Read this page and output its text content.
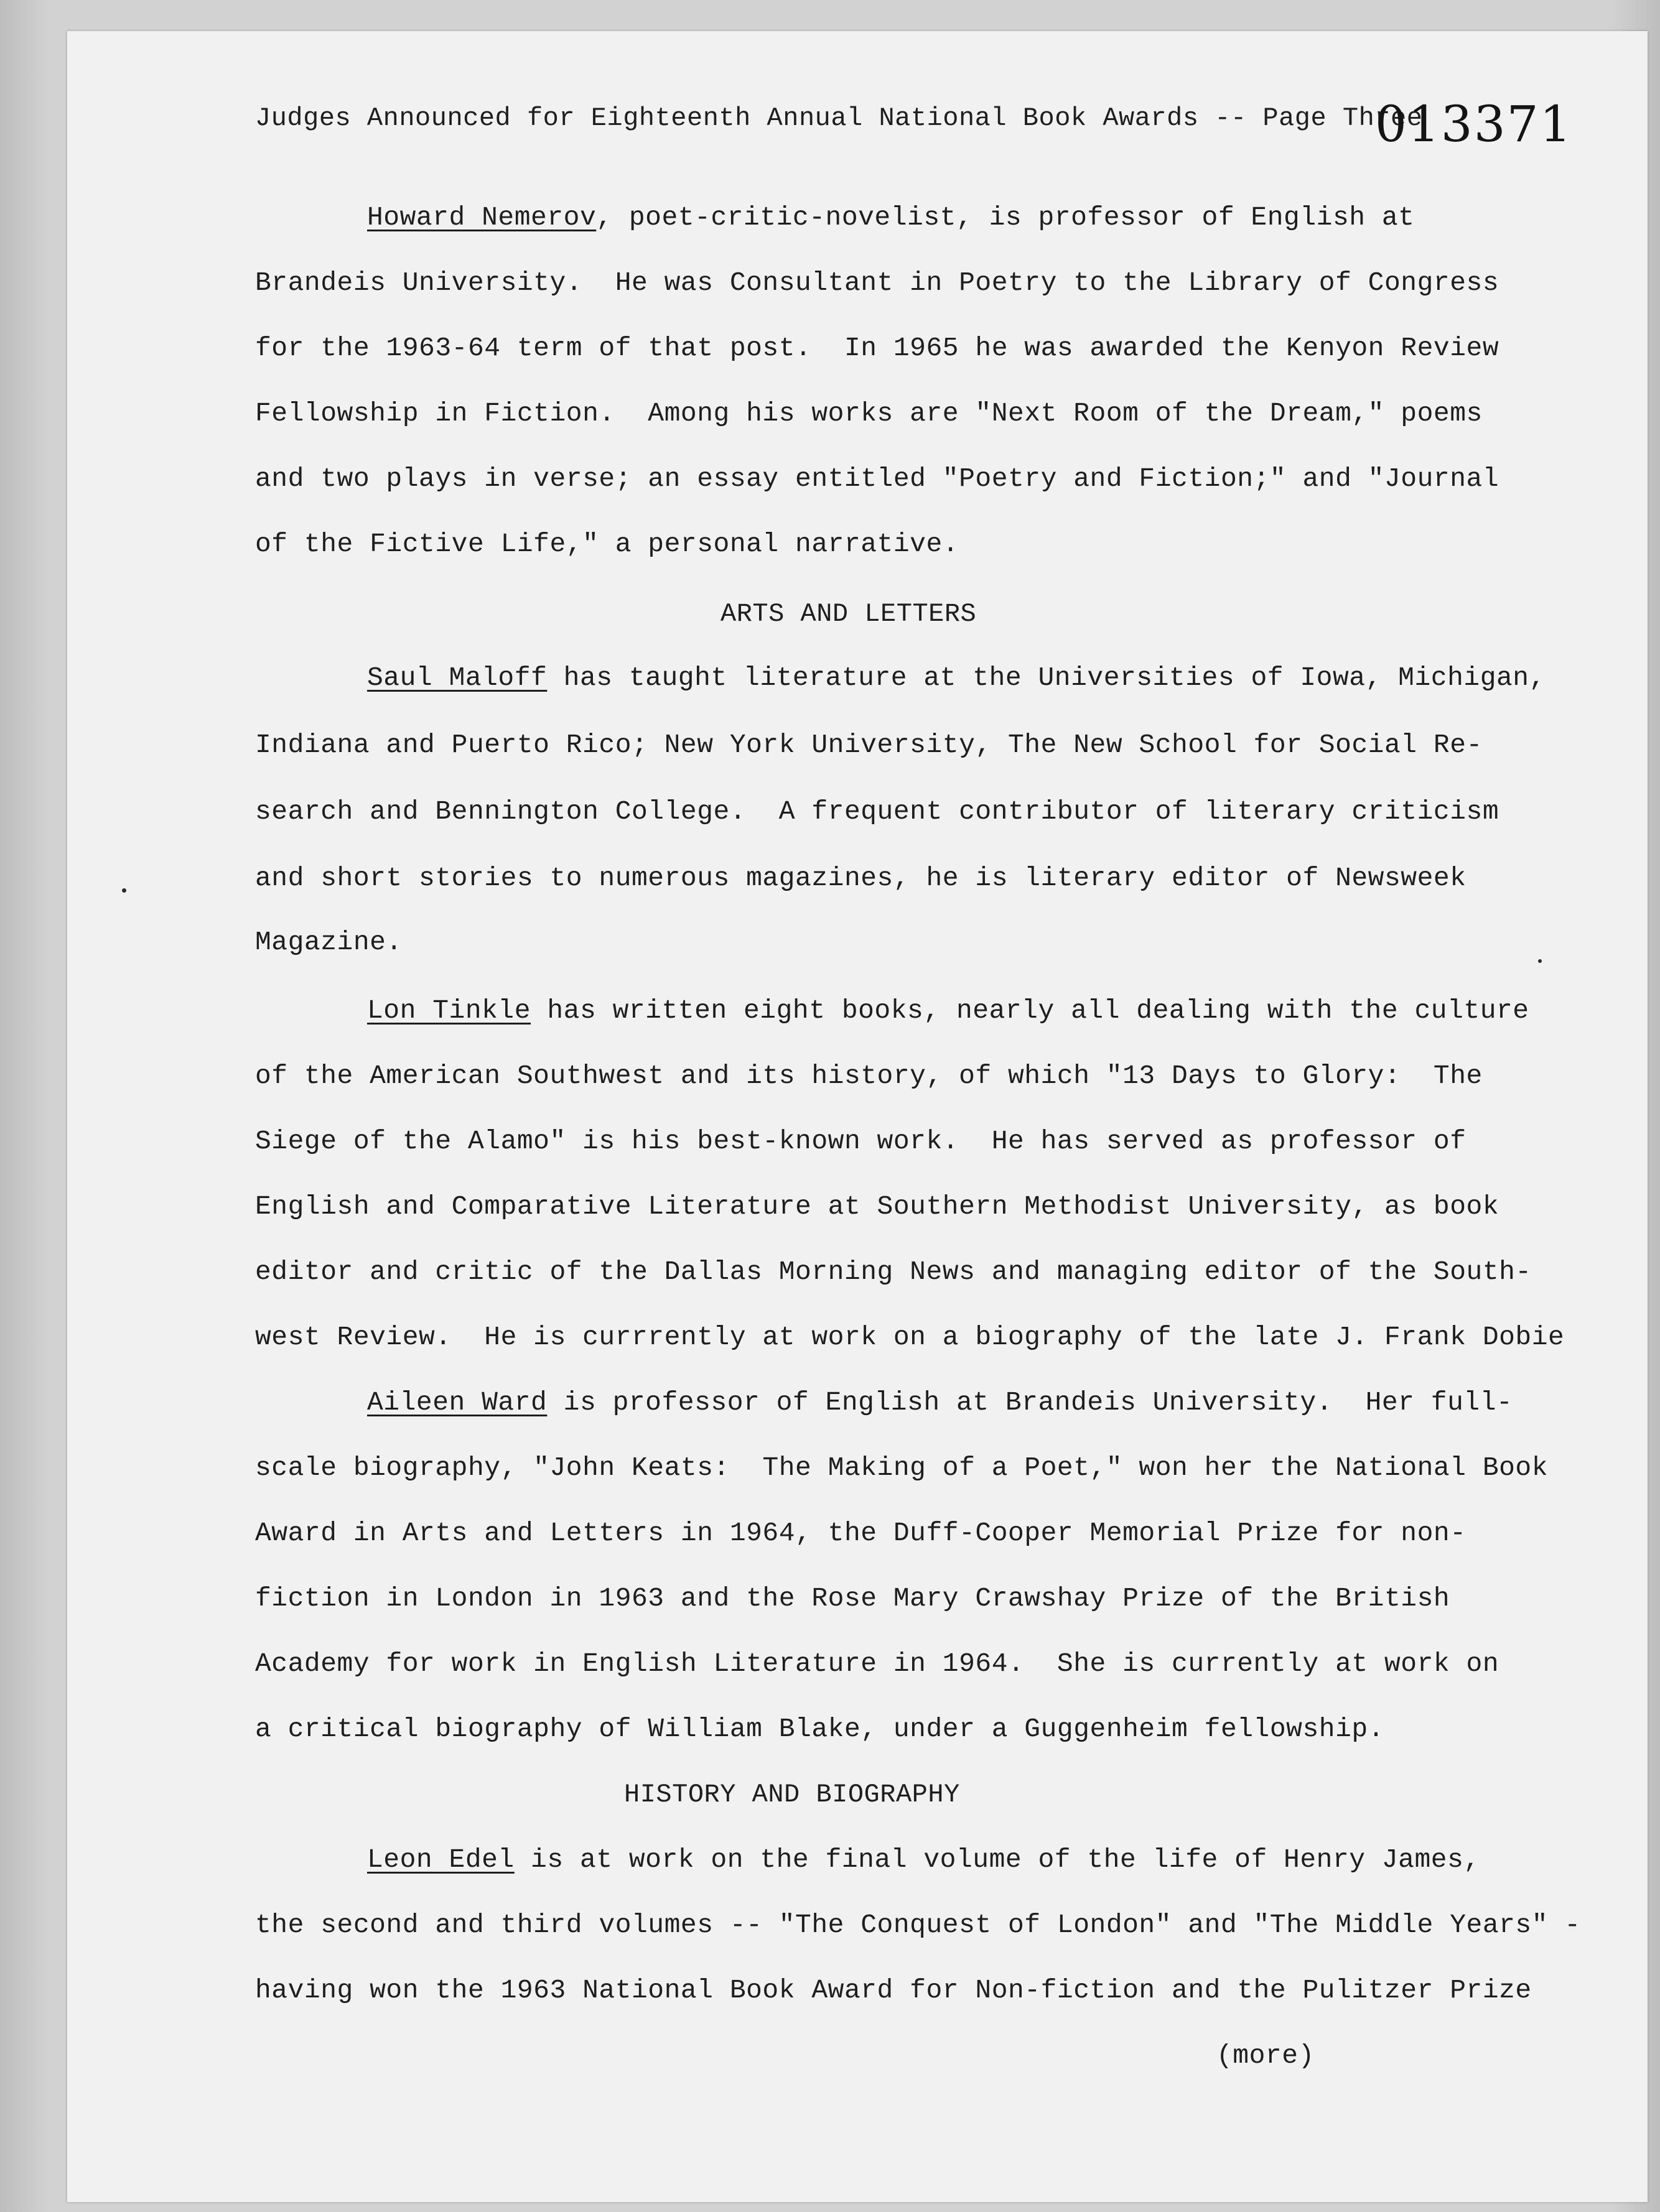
Judges Announced for Eighteenth Annual National Book Awards -- Page Three
013371
Howard Nemerov, poet-critic-novelist, is professor of English at
Brandeis University.  He was Consultant in Poetry to the Library of Congress
for the 1963-64 term of that post.  In 1965 he was awarded the Kenyon Review
Fellowship in Fiction.  Among his works are "Next Room of the Dream," poems
and two plays in verse; an essay entitled "Poetry and Fiction;" and "Journal
of the Fictive Life," a personal narrative.
ARTS AND LETTERS
Saul Maloff has taught literature at the Universities of Iowa, Michigan,
Indiana and Puerto Rico; New York University, The New School for Social Re-
search and Bennington College.  A frequent contributor of literary criticism
and short stories to numerous magazines, he is literary editor of Newsweek
Magazine.
Lon Tinkle has written eight books, nearly all dealing with the culture
of the American Southwest and its history, of which "13 Days to Glory:  The
Siege of the Alamo" is his best-known work.  He has served as professor of
English and Comparative Literature at Southern Methodist University, as book
editor and critic of the Dallas Morning News and managing editor of the South-
west Review.  He is currrently at work on a biography of the late J. Frank Dobie
Aileen Ward is professor of English at Brandeis University.  Her full-
scale biography, "John Keats:  The Making of a Poet," won her the National Book
Award in Arts and Letters in 1964, the Duff-Cooper Memorial Prize for non-
fiction in London in 1963 and the Rose Mary Crawshay Prize of the British
Academy for work in English Literature in 1964.  She is currently at work on
a critical biography of William Blake, under a Guggenheim fellowship.
HISTORY AND BIOGRAPHY
Leon Edel is at work on the final volume of the life of Henry James,
the second and third volumes -- "The Conquest of London" and "The Middle Years" -
having won the 1963 National Book Award for Non-fiction and the Pulitzer Prize
(more)
